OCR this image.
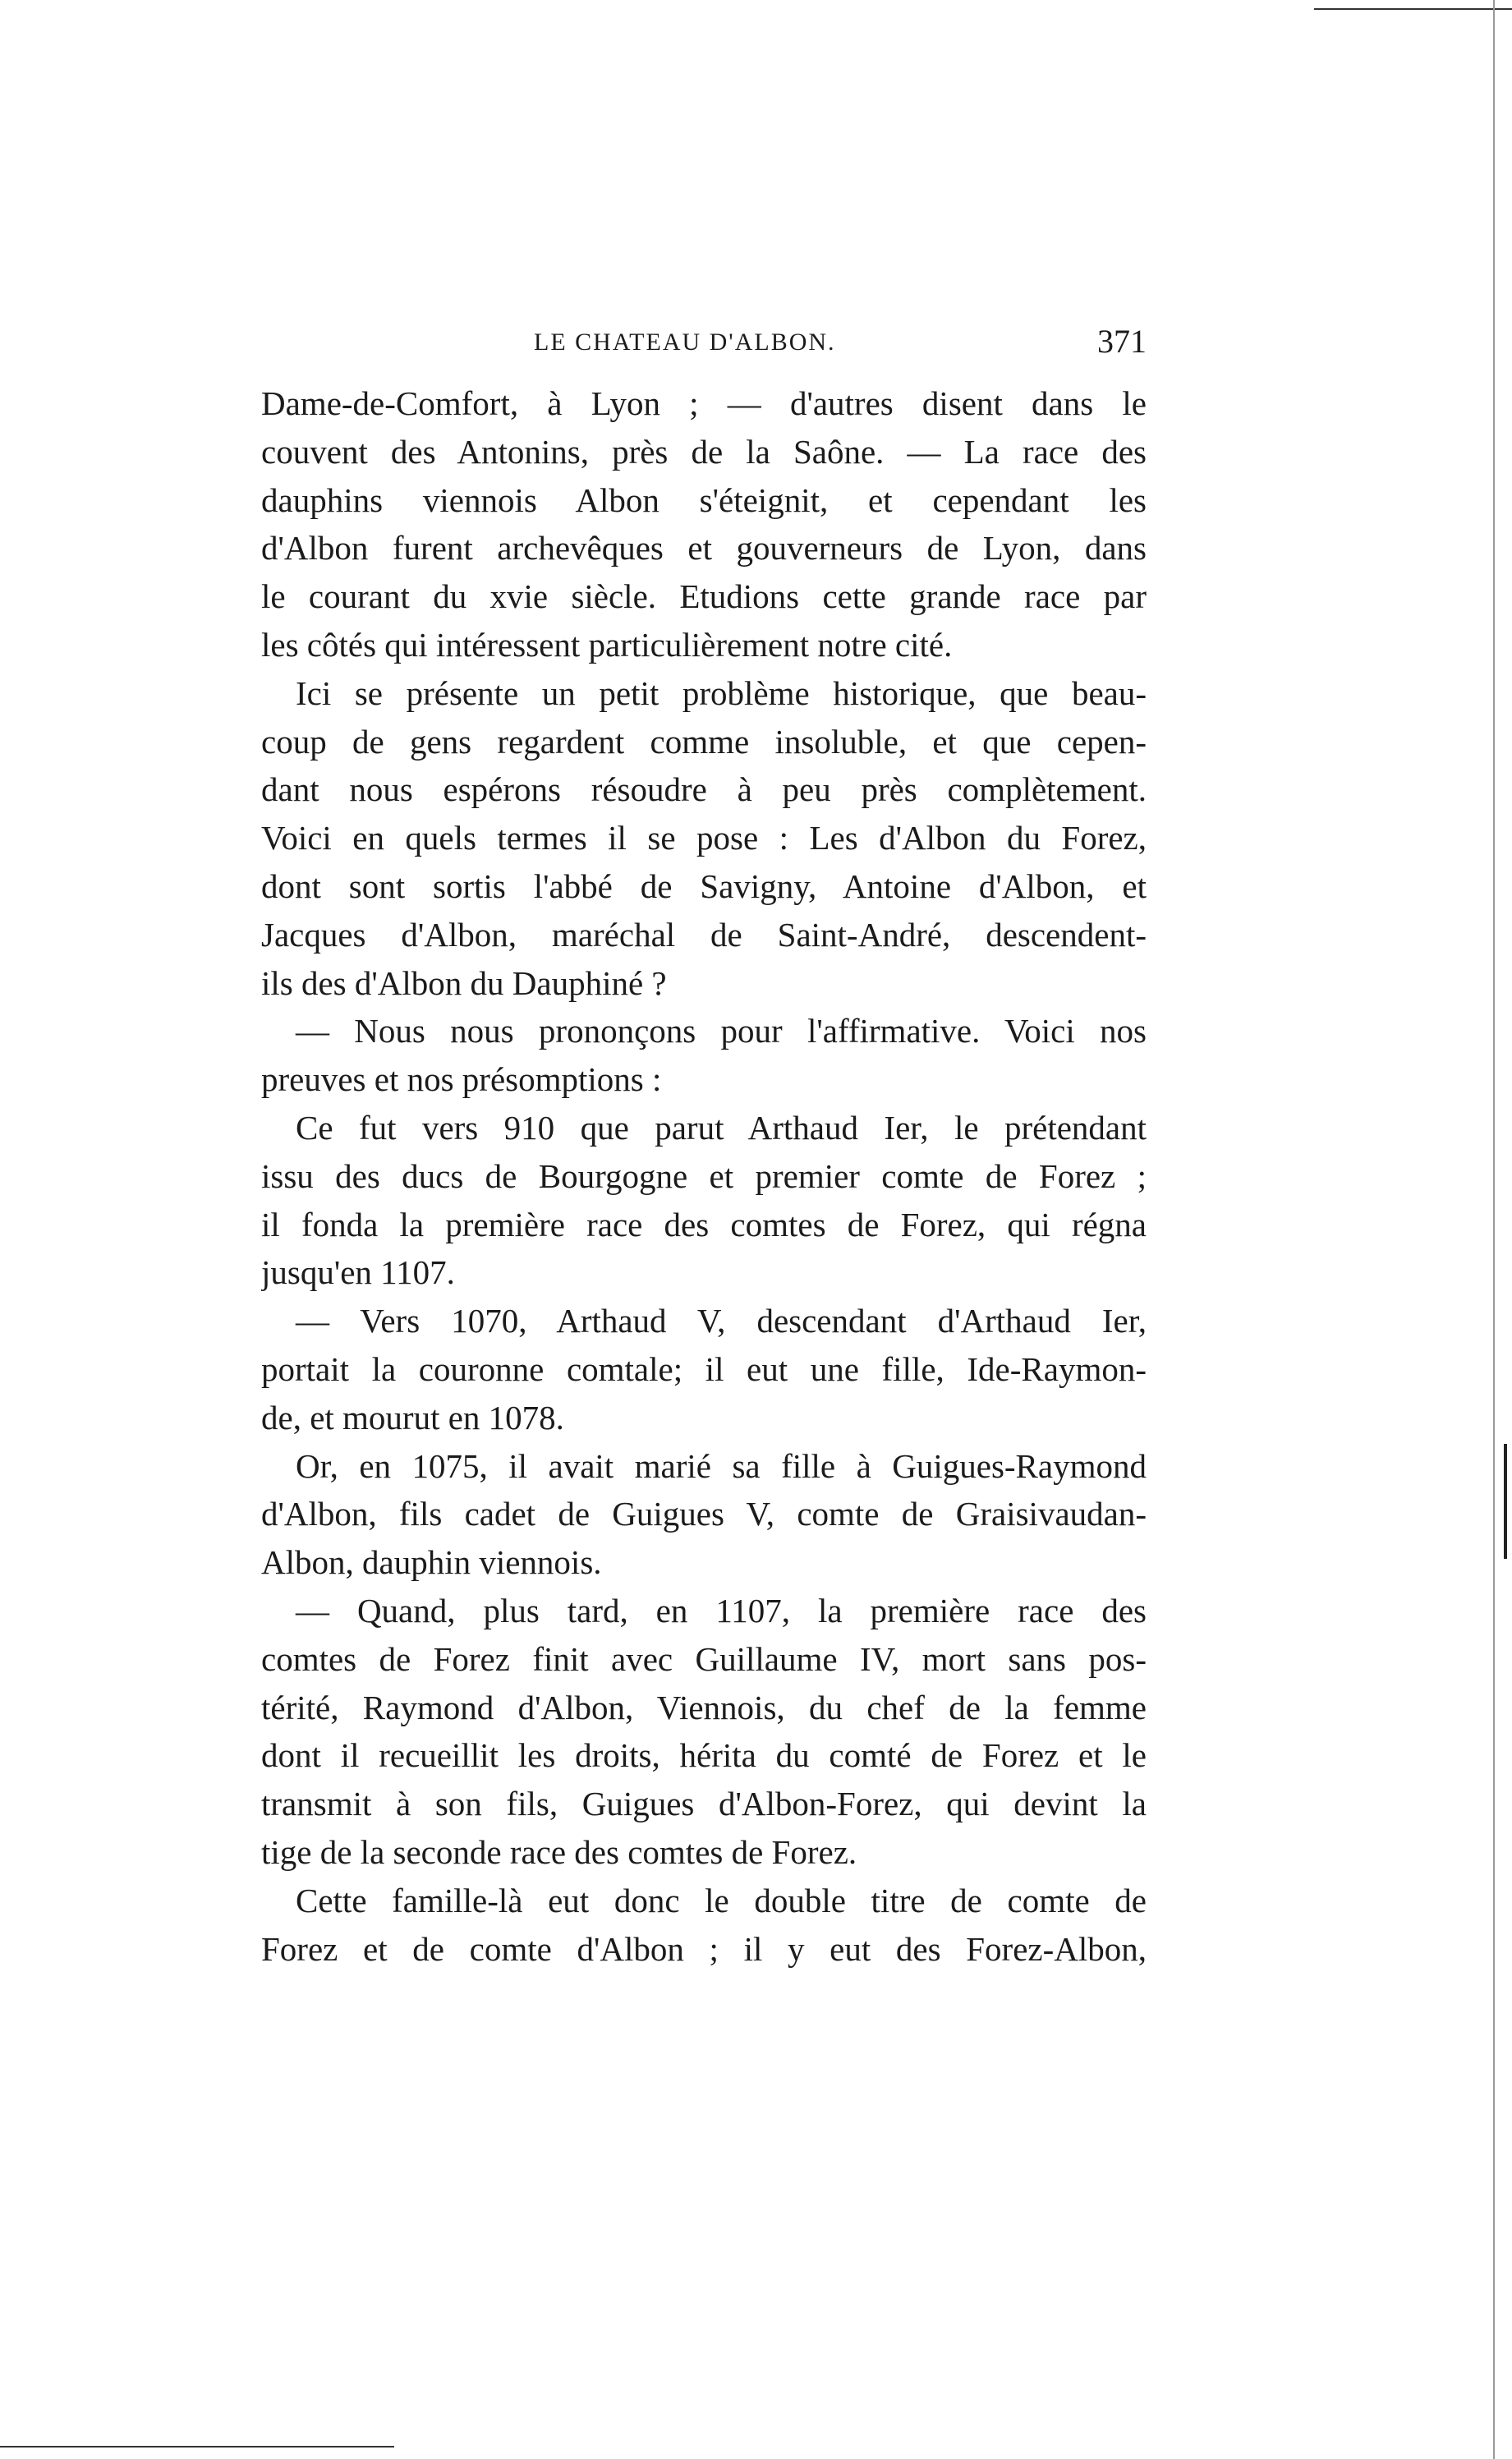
LE CHATEAU D'ALBON.	371
Dame-de-Comfort, à Lyon ; — d'autres disent dans le
couvent des Antonins, près de la Saône. — La race des
dauphins viennois Albon s'éteignit, et cependant les
d'Albon furent archevêques et gouverneurs de Lyon, dans
le courant du xvie siècle. Etudions cette grande race par
les côtés qui intéressent particulièrement notre cité.
Ici se présente un petit problème historique, que beau-
coup de gens regardent comme insoluble, et que cepen-
dant nous espérons résoudre à peu près complètement.
Voici en quels termes il se pose : Les d'Albon du Forez,
dont sont sortis l'abbé de Savigny, Antoine d'Albon, et
Jacques d'Albon, maréchal de Saint-André, descendent-
ils des d'Albon du Dauphiné ?
— Nous nous prononçons pour l'affirmative. Voici nos
preuves et nos présomptions :
Ce fut vers 910 que parut Arthaud Ier, le prétendant
issu des ducs de Bourgogne et premier comte de Forez ;
il fonda la première race des comtes de Forez, qui régna
jusqu'en 1107.
— Vers 1070, Arthaud V, descendant d'Arthaud Ier,
portait la couronne comtale; il eut une fille, Ide-Raymon-
de, et mourut en 1078.
Or, en 1075, il avait marié sa fille à Guigues-Raymond
d'Albon, fils cadet de Guigues V, comte de Graisivaudan-
Albon, dauphin viennois.
— Quand, plus tard, en 1107, la première race des
comtes de Forez finit avec Guillaume IV, mort sans pos-
térité, Raymond d'Albon, Viennois, du chef de la femme
dont il recueillit les droits, hérita du comté de Forez et le
transmit à son fils, Guigues d'Albon-Forez, qui devint la
tige de la seconde race des comtes de Forez.
Cette famille-là eut donc le double titre de comte de
Forez et de comte d'Albon ; il y eut des Forez-Albon,
